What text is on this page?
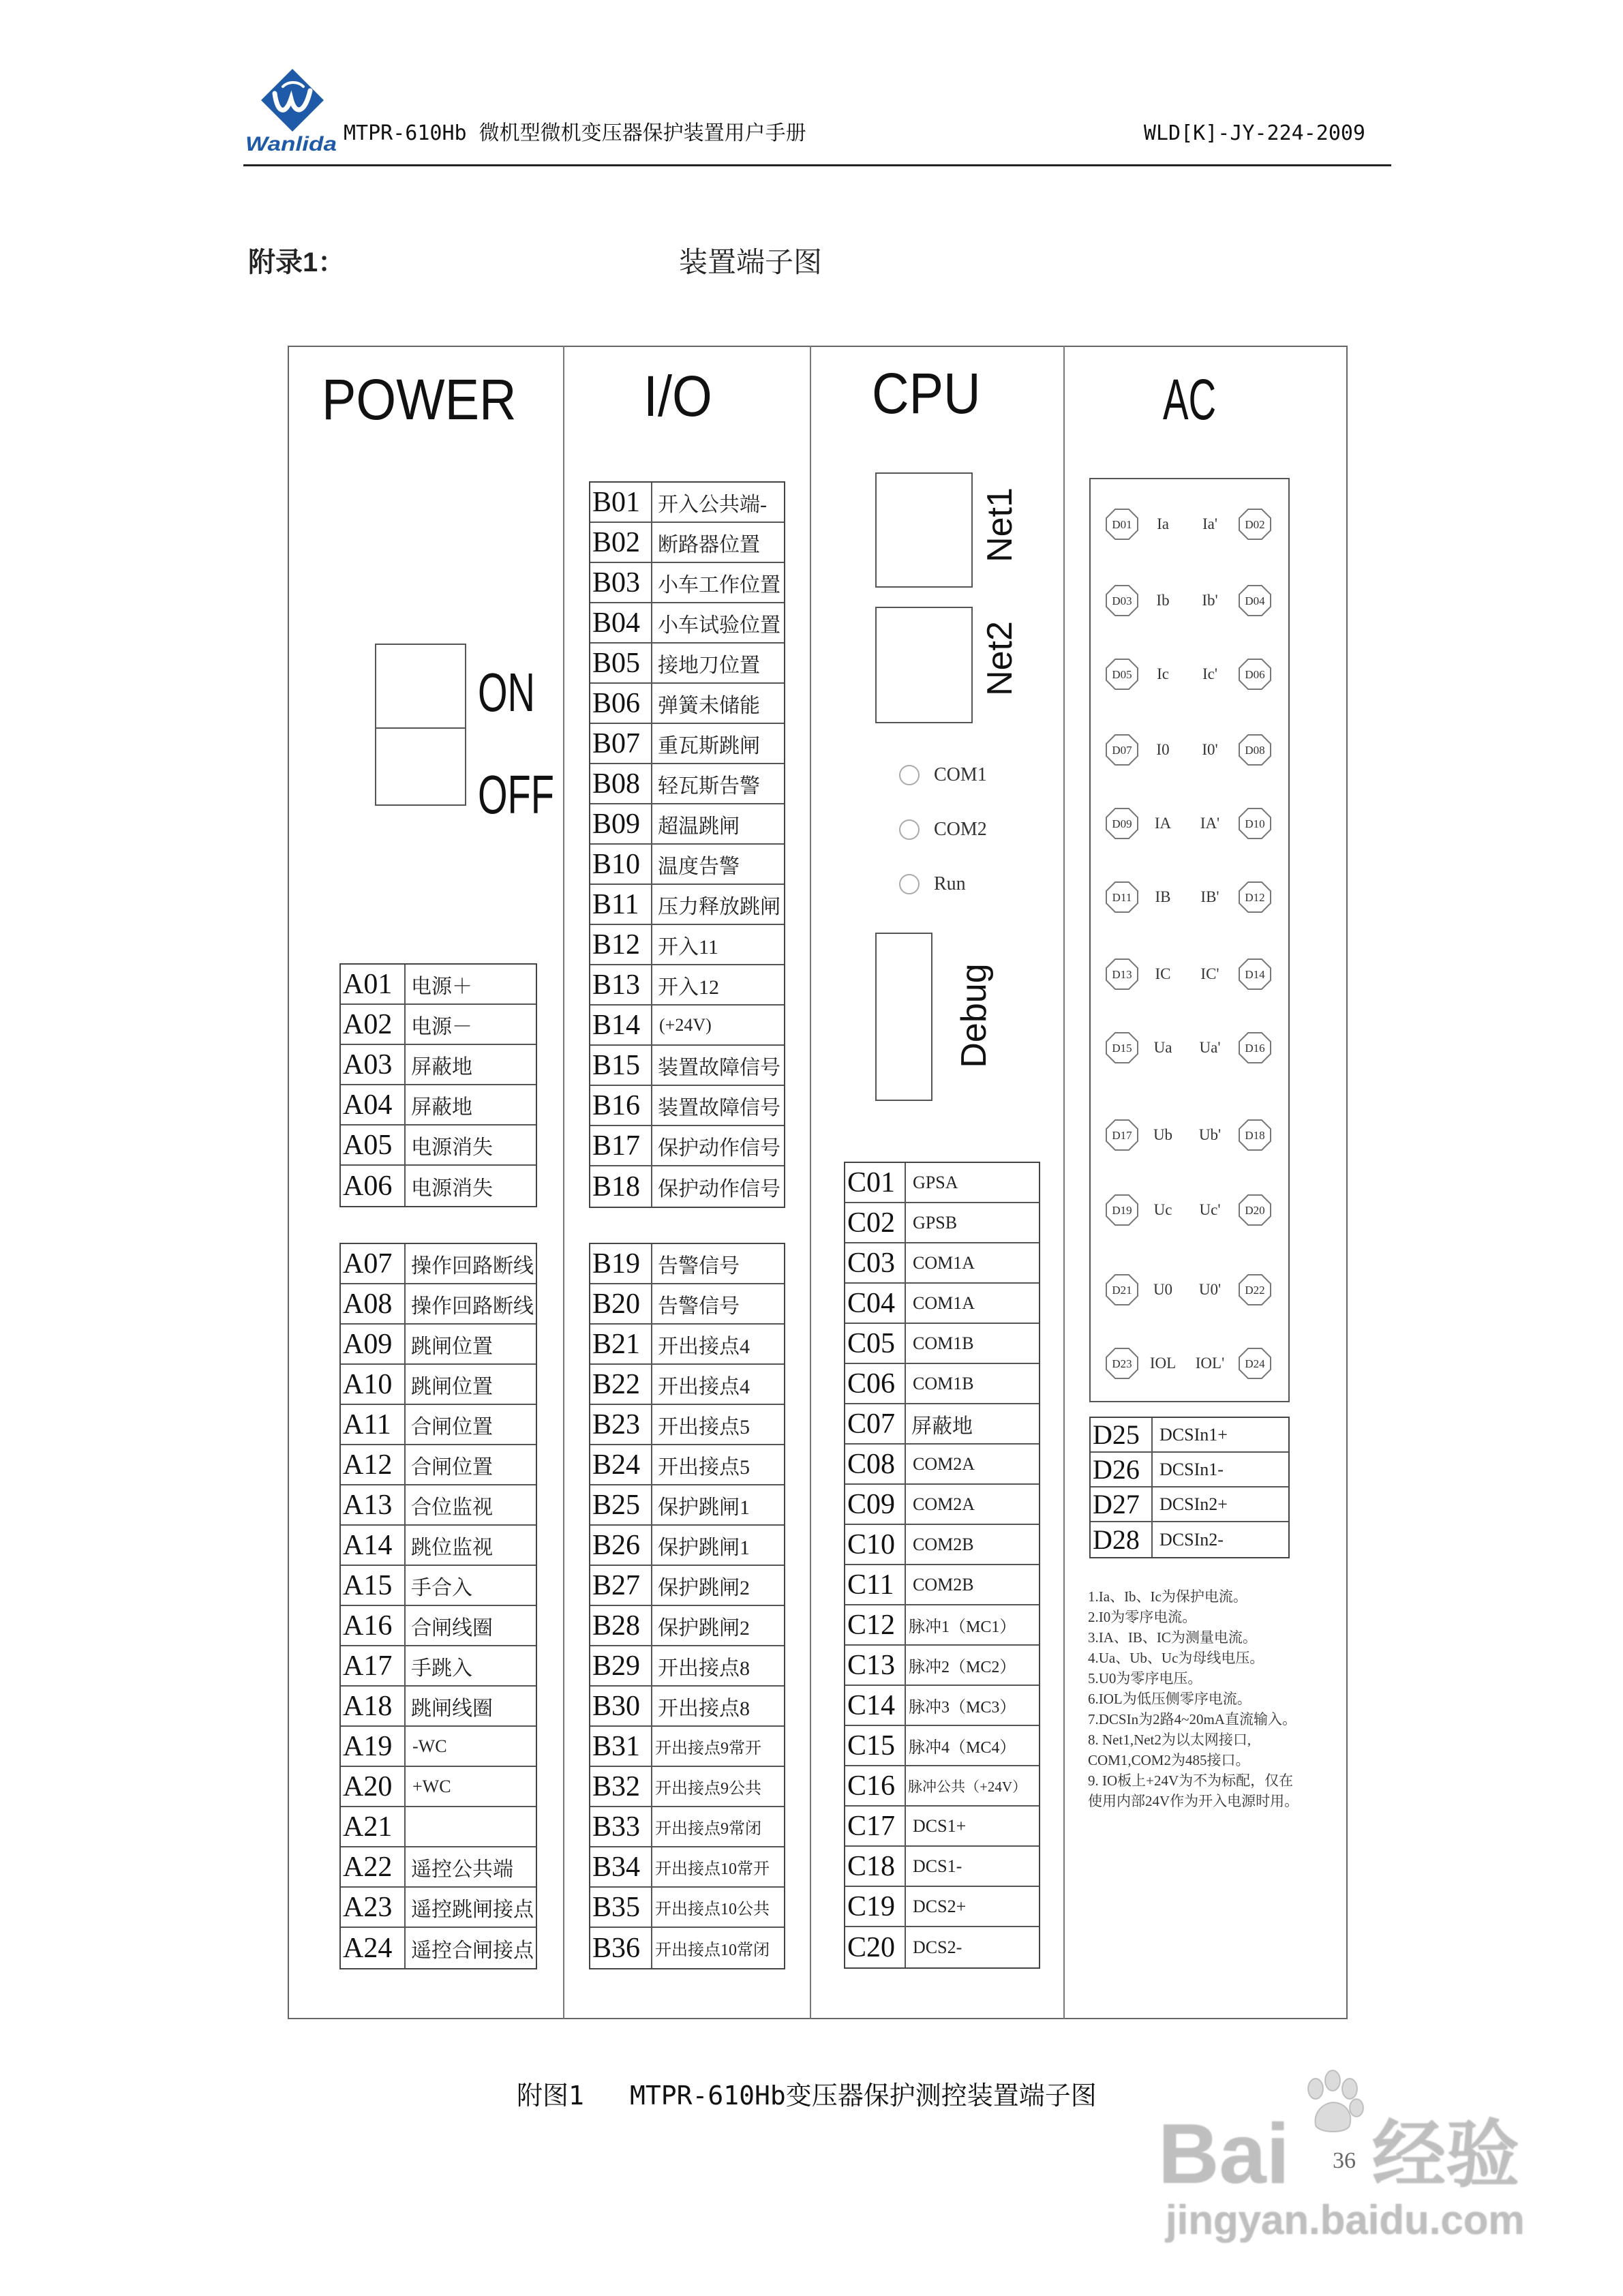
Wanlida MTPR-610Hb 微机型微机变压器保护装置用户手册	WLD[K]-JY-224-2009
附录1：	装置端子图
POWER I/O	CPU	AC
ON
OFF
A01 电源＋
A02 电源－
A03 屏蔽地
A04 屏蔽地
A05 电源消失
A06 电源消失
A07 操作回路断线
A08 操作回路断线
A09 跳闸位置
A10 跳闸位置
A11 合闸位置
A12 合闸位置
A13 合位监视
A14 跳位监视
A15 手合入
A16 合闸线圈
A17 手跳入
A18 跳闸线圈
A19	-WC
A20	+WC
A21
A22 遥控公共端
A23 遥控跳闸接点
A24 遥控合闸接点
B01 开入公共端-
B02 断路器位置
B03 小车工作位置
B04 小车试验位置
B05 接地刀位置
B06 弹簧未储能
B07 重瓦斯跳闸
B08 轻瓦斯告警
B09 超温跳闸
B10 温度告警
B11 压力释放跳闸
B12 开入11
B13 开入12
B14	(+24V)
B15 装置故障信号
B16 装置故障信号
B17 保护动作信号
B18 保护动作信号
B19 告警信号
B20 告警信号
B21 开出接点4
B22 开出接点4
B23 开出接点5
B24 开出接点5
B25 保护跳闸1
B26 保护跳闸1
B27 保护跳闸2
B28 保护跳闸2
B29 开出接点8
B30 开出接点8
B31 开出接点9常开
B32 开出接点9公共
B33 开出接点9常闭
B34 开出接点10常开
B35 开出接点10公共
B36 开出接点10常闭
Net1
Net2
COM1
COM2
Run
Debug
C01 GPSA
C02 GPSB
C03 COM1A
C04 COM1A
C05 COM1B
C06 COM1B
C07 屏蔽地
C08 COM2A
C09 COM2A
C10 COM2B
C11	COM2B
C12 脉冲1（MC1）
C13 脉冲2（MC2）
C14 脉冲3（MC3）
C15 脉冲4（MC4）
C16 脉冲公共（+24V）
C17 DCS1+
C18 DCS1-
C19 DCS2+
C20 DCS2-
D01	Ia	Ia'	D02
D03	Ib	Ib'	D04
D05	Ic	Ic'	D06
D07	I0	I0'	D08
D09	IA	IA'	D10
D11	IB	IB'	D12
D13	IC	IC'	D14
D15	Ua	Ua'	D16
D17	Ub	Ub'	D18
D19	Uc	Uc'	D20
D21	U0	U0'	D22
D23	IOL	IOL'	D24
D25	DCSIn1+
D26	DCSIn1-
D27	DCSIn2+
D28	DCSIn2-
1.Ia、Ib、Ic为保护电流。
2.I0为零序电流。
3.IA、IB、IC为测量电流。
4.Ua、Ub、Uc为母线电压。
5.U0为零序电压。
6.IOL为低压侧零序电流。
7.DCSIn为2路4~20mA直流输入。
8. Net1,Net2为以太网接口,
COM1,COM2为485接口。
9. IO板上+24V为不为标配，仅在
使用内部24V作为开入电源时用。
附图1 MTPR-610Hb变压器保护测控装置端子图
36
Bai 经验
jingyan.baidu.com
